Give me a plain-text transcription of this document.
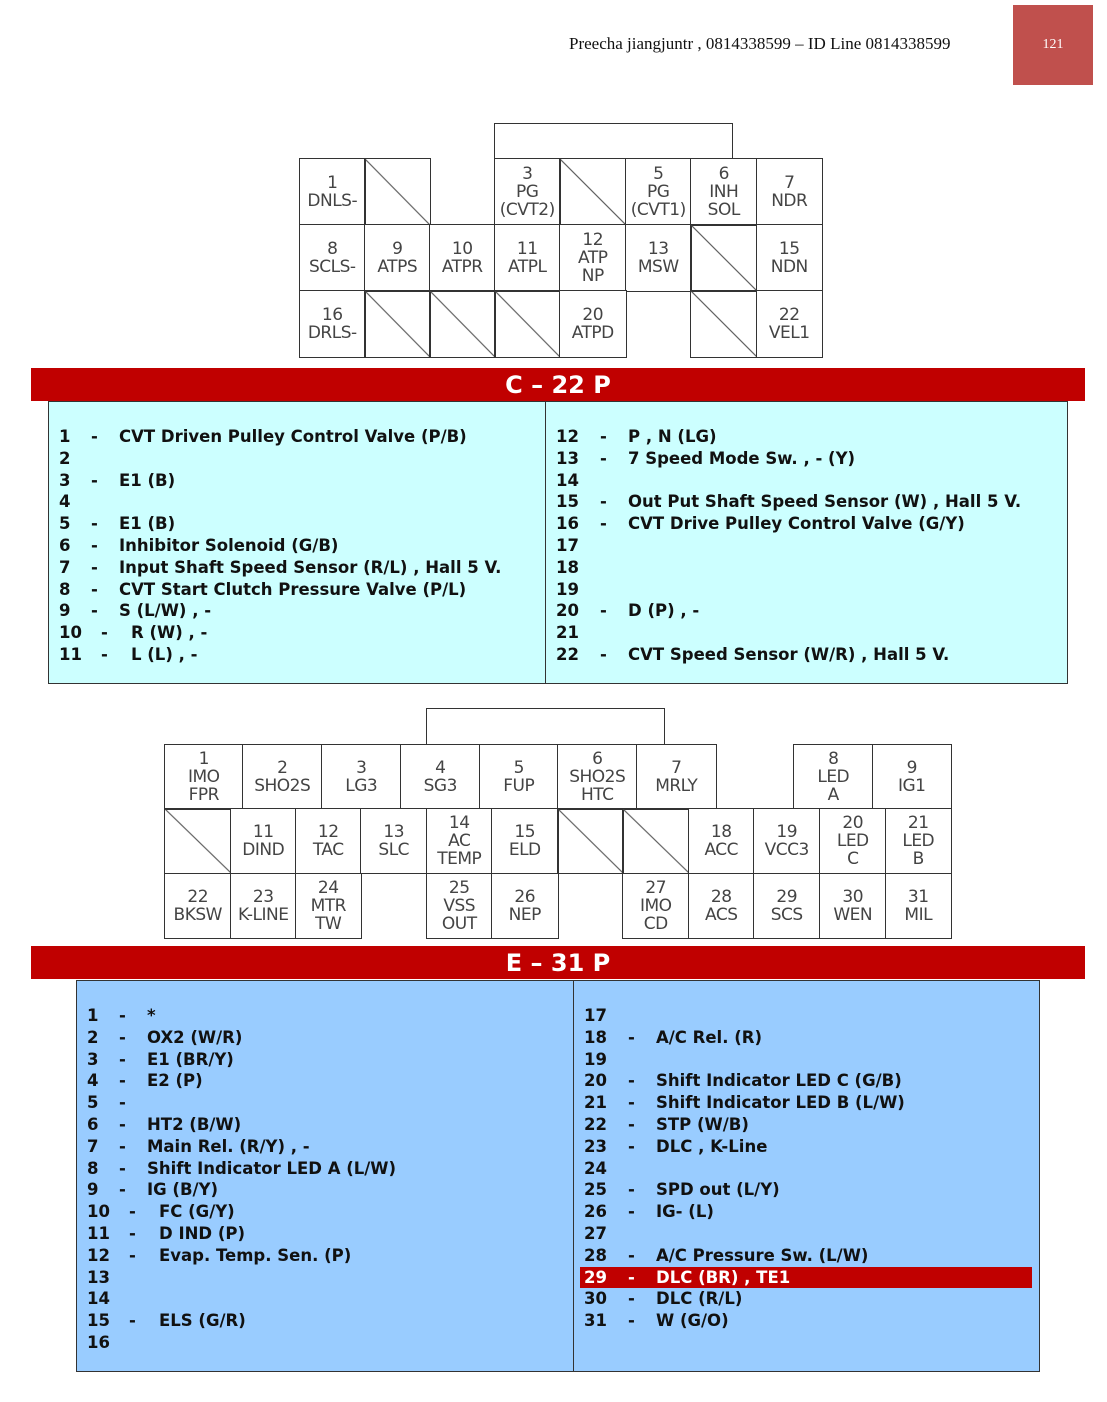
Preecha jiangjuntr , 0814338599 – ID Line 0814338599	121
1
DNLS-
3
PG
(CVT2)
5
PG
(CVT1)
6
INH
SOL
7
NDR
8
SCLS-
9
ATPS
10
ATPR
11
ATPL
12
ATP
NP
13
MSW
15
NDN
16
DRLS-
20
ATPD
22
VEL1
C – 22 P
1 - CVT Driven Pulley Control Valve (P/B)
2
3 - E1 (B)
4
5 - E1 (B)
6 - Inhibitor Solenoid (G/B)
7 - Input Shaft Speed Sensor (R/L) , Hall 5 V.
8 - CVT Start Clutch Pressure Valve (P/L)
9 - S (L/W) , -
10 - R (W) , -
11 - L (L) , -
12 - P , N (LG)
13 - 7 Speed Mode Sw. , - (Y)
14
15 - Out Put Shaft Speed Sensor (W) , Hall 5 V.
16 - CVT Drive Pulley Control Valve (G/Y)
17
18
19
20 - D (P) , -
21
22 - CVT Speed Sensor (W/R) , Hall 5 V.
1
IMO
FPR
2
SHO2S
3
LG3
4
SG3
5
FUP
6
SHO2S
HTC
7
MRLY
8
LED
A
9
IG1
11
DIND
12
TAC
13
SLC
14
AC
TEMP
15
ELD
18
ACC
19
VCC3
20
LED
C
21
LED
B
22
BKSW
23
K-LINE
24
MTR
TW
25
VSS
OUT
26
NEP
27
IMO
CD
28
ACS
29
SCS
30
WEN
31
MIL
E – 31 P
1 - *
2 - OX2 (W/R)
3 - E1 (BR/Y)
4 - E2 (P)
5 -
6 - HT2 (B/W)
7 - Main Rel. (R/Y) , -
8 - Shift Indicator LED A (L/W)
9 - IG (B/Y)
10 - FC (G/Y)
11 - D IND (P)
12 - Evap. Temp. Sen. (P)
13
14
15 - ELS (G/R)
16
17
18 - A/C Rel. (R)
19
20 - Shift Indicator LED C (G/B)
21 - Shift Indicator LED B (L/W)
22 - STP (W/B)
23 - DLC , K-Line
24
25 - SPD out (L/Y)
26 - IG- (L)
27
28 - A/C Pressure Sw. (L/W)
29 - DLC (BR) , TE1
30 - DLC (R/L)
31 - W (G/O)
